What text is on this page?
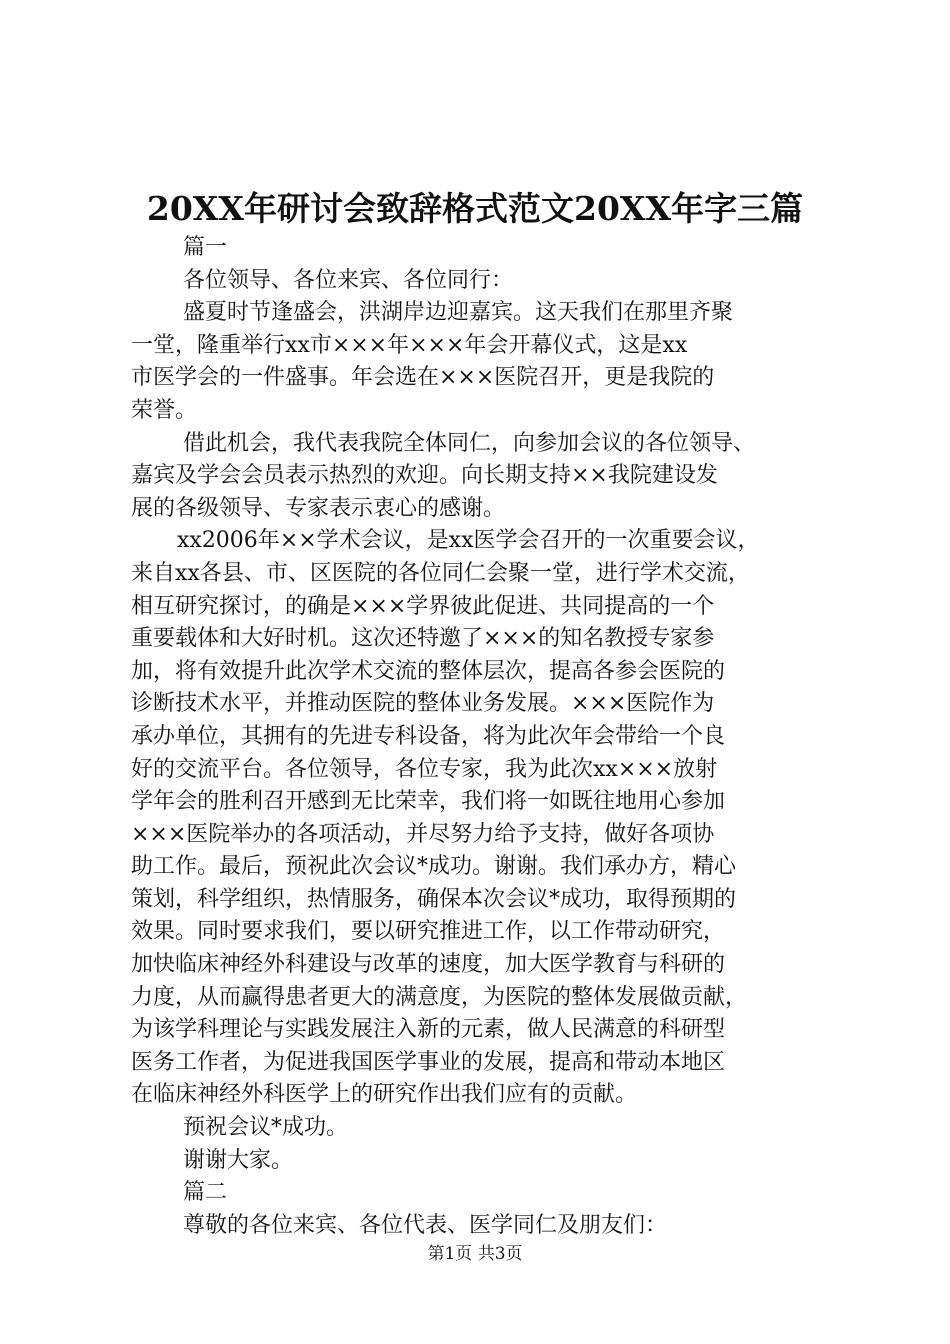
20XX年研讨会致辞格式范文20XX年字三篇
篇一
各位领导、各位来宾、各位同行：
盛夏时节逢盛会，洪湖岸边迎嘉宾。这天我们在那里齐聚
一堂，隆重举行xx市×××年×××年会开幕仪式，这是xx
市医学会的一件盛事。年会选在×××医院召开，更是我院的
荣誉。
借此机会，我代表我院全体同仁，向参加会议的各位领导、
嘉宾及学会会员表示热烈的欢迎。向长期支持××我院建设发
展的各级领导、专家表示衷心的感谢。
xx2006年××学术会议，是xx医学会召开的一次重要会议，
来自xx各县、市、区医院的各位同仁会聚一堂，进行学术交流，
相互研究探讨，的确是×××学界彼此促进、共同提高的一个
重要载体和大好时机。这次还特邀了×××的知名教授专家参
加，将有效提升此次学术交流的整体层次，提高各参会医院的
诊断技术水平，并推动医院的整体业务发展。×××医院作为
承办单位，其拥有的先进专科设备，将为此次年会带给一个良
好的交流平台。各位领导，各位专家，我为此次xx×××放射
学年会的胜利召开感到无比荣幸，我们将一如既往地用心参加
×××医院举办的各项活动，并尽努力给予支持，做好各项协
助工作。最后，预祝此次会议*成功。谢谢。我们承办方，精心
策划，科学组织，热情服务，确保本次会议*成功，取得预期的
效果。同时要求我们，要以研究推进工作，以工作带动研究，
加快临床神经外科建设与改革的速度，加大医学教育与科研的
力度，从而赢得患者更大的满意度，为医院的整体发展做贡献，
为该学科理论与实践发展注入新的元素，做人民满意的科研型
医务工作者，为促进我国医学事业的发展，提高和带动本地区
在临床神经外科医学上的研究作出我们应有的贡献。
预祝会议*成功。
谢谢大家。
篇二
尊敬的各位来宾、各位代表、医学同仁及朋友们：
第1页 共3页
